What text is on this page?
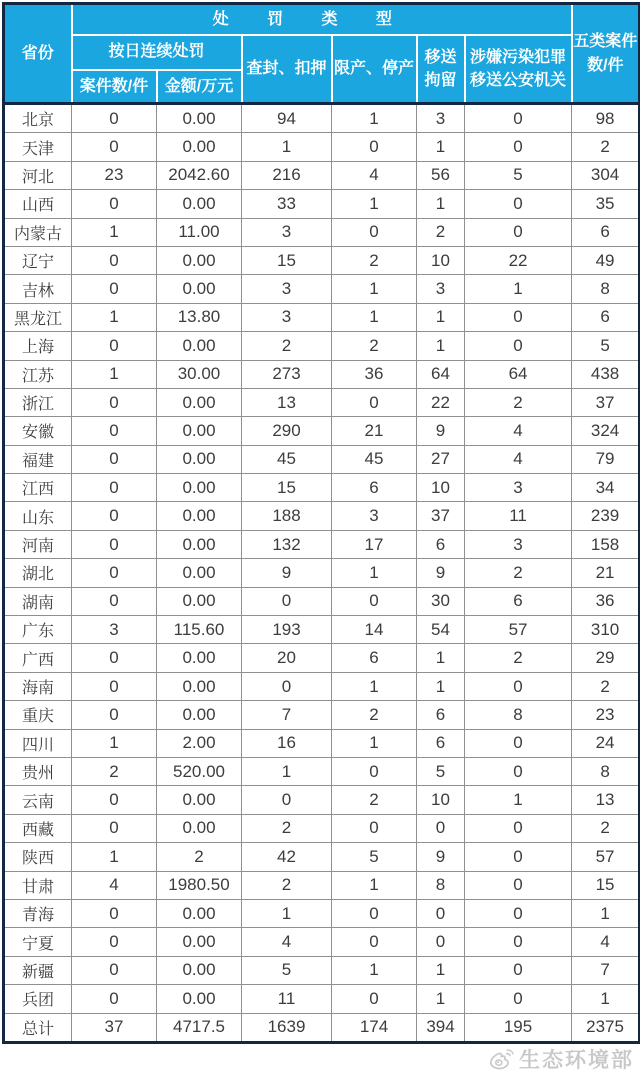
省份	处罚类型						五类案件数/件
	按日连续处罚		查封、扣押	限产、停产	移送拘留	涉嫌污染犯罪移送公安机关	
	案件数/件	金额/万元					
北京	0	0.00	94	1	3	0	98
天津	0	0.00	1	0	1	0	2
河北	23	2042.60	216	4	56	5	304
山西	0	0.00	33	1	1	0	35
内蒙古	1	11.00	3	0	2	0	6
辽宁	0	0.00	15	2	10	22	49
吉林	0	0.00	3	1	3	1	8
黑龙江	1	13.80	3	1	1	0	6
上海	0	0.00	2	2	1	0	5
江苏	1	30.00	273	36	64	64	438
浙江	0	0.00	13	0	22	2	37
安徽	0	0.00	290	21	9	4	324
福建	0	0.00	45	45	27	4	79
江西	0	0.00	15	6	10	3	34
山东	0	0.00	188	3	37	11	239
河南	0	0.00	132	17	6	3	158
湖北	0	0.00	9	1	9	2	21
湖南	0	0.00	0	0	30	6	36
广东	3	115.60	193	14	54	57	310
广西	0	0.00	20	6	1	2	29
海南	0	0.00	0	1	1	0	2
重庆	0	0.00	7	2	6	8	23
四川	1	2.00	16	1	6	0	24
贵州	2	520.00	1	0	5	0	8
云南	0	0.00	0	2	10	1	13
西藏	0	0.00	2	0	0	0	2
陕西	1	2	42	5	9	0	57
甘肃	4	1980.50	2	1	8	0	15
青海	0	0.00	1	0	0	0	1
宁夏	0	0.00	4	0	0	0	4
新疆	0	0.00	5	1	1	0	7
兵团	0	0.00	11	0	1	0	1
总计	37	4717.5	1639	174	394	195	2375
生态环境部
